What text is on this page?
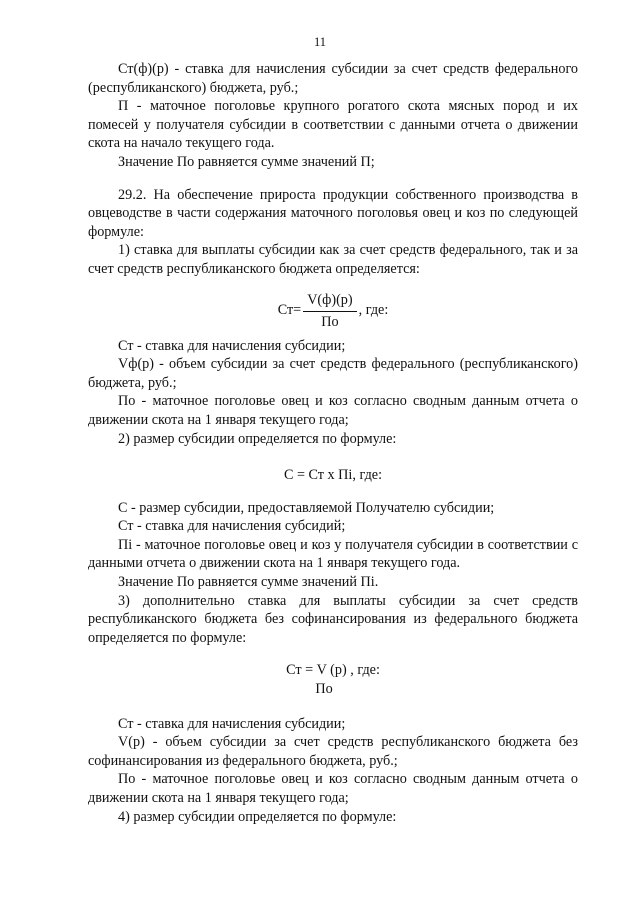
11

Ст(ф)(р) - ставка для начисления субсидии за счет средств федерального (республиканского) бюджета, руб.;

П - маточное поголовье крупного рогатого скота мясных пород и их помесей у получателя субсидии в соответствии с данными отчета о движении скота на начало текущего года.

Значение По равняется сумме значений П;

29.2. На обеспечение прироста продукции собственного производства в овцеводстве в части содержания маточного поголовья овец и коз по следующей формуле:

1) ставка для выплаты субсидии как за счет средств федерального, так и за счет средств республиканского бюджета определяется:

$Ст= \frac{V(ф)(р)}{По}$ , где:

Ст - ставка для начисления субсидии;

Vф(р) - объем субсидии за счет средств федерального (республиканского) бюджета, руб.;

По - маточное поголовье овец и коз согласно сводным данным отчета о движении скота на 1 января текущего года;

2) размер субсидии определяется по формуле:

С = Ст х Пi, где:

С - размер субсидии, предоставляемой Получателю субсидии;

Ст - ставка для начисления субсидий;

Пi - маточное поголовье овец и коз у получателя субсидии в соответствии с данными отчета о движении скота на 1 января текущего года.

Значение По равняется сумме значений Пi.

3) дополнительно ставка для выплаты субсидии за счет средств республиканского бюджета без софинансирования из федерального бюджета определяется по формуле:

Ст = V (р) , где:
По

Ст - ставка для начисления субсидии;

V(р) - объем субсидии за счет средств республиканского бюджета без софинансирования из федерального бюджета, руб.;

По - маточное поголовье овец и коз согласно сводным данным отчета о движении скота на 1 января текущего года;

4) размер субсидии определяется по формуле:
